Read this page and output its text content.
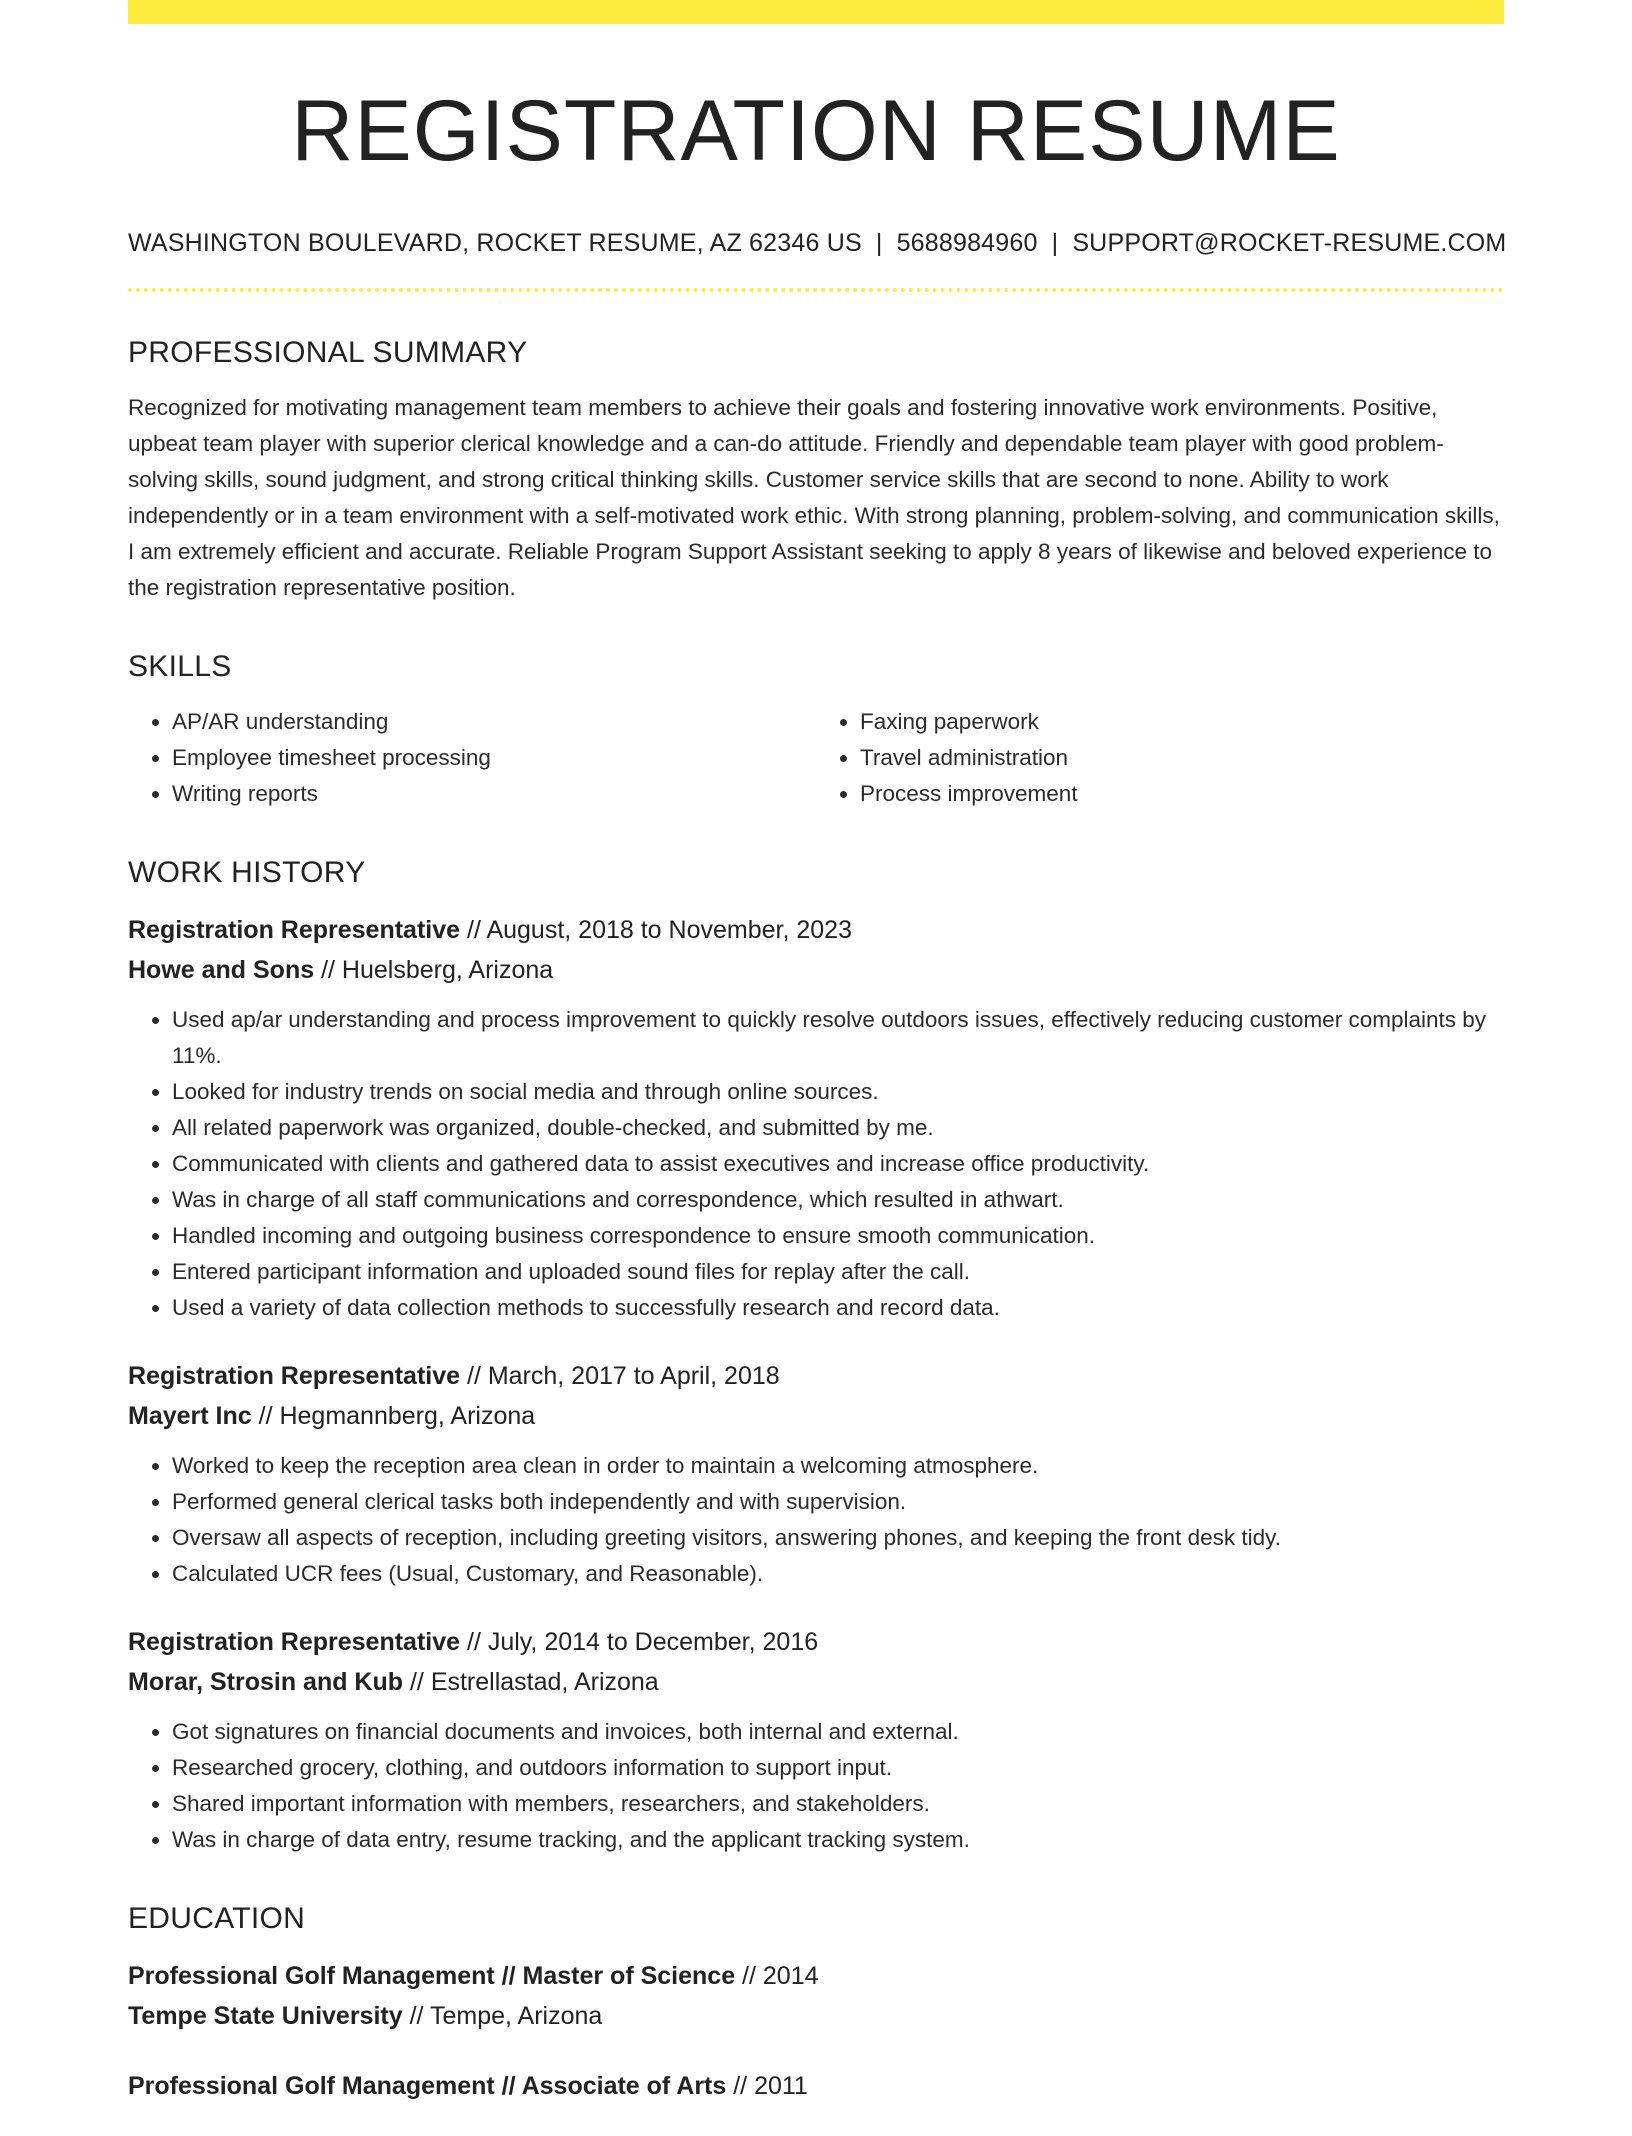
REGISTRATION RESUME
WASHINGTON BOULEVARD, ROCKET RESUME, AZ 62346 US | 5688984960 | SUPPORT@ROCKET-RESUME.COM
PROFESSIONAL SUMMARY

Recognized for motivating management team members to achieve their goals and fostering innovative work environments. Positive, upbeat team player with superior clerical knowledge and a can-do attitude. Friendly and dependable team player with good problem-solving skills, sound judgment, and strong critical thinking skills. Customer service skills that are second to none. Ability to work independently or in a team environment with a self-motivated work ethic. With strong planning, problem-solving, and communication skills, I am extremely efficient and accurate. Reliable Program Support Assistant seeking to apply 8 years of likewise and beloved experience to the registration representative position.

SKILLS
• AP/AR understanding
• Employee timesheet processing
• Writing reports
• Faxing paperwork
• Travel administration
• Process improvement
WORK HISTORY
Registration Representative // August, 2018 to November, 2023
Howe and Sons // Huelsberg, Arizona
• Used ap/ar understanding and process improvement to quickly resolve outdoors issues, effectively reducing customer complaints by 11%.
• Looked for industry trends on social media and through online sources.
• All related paperwork was organized, double-checked, and submitted by me.
• Communicated with clients and gathered data to assist executives and increase office productivity.
• Was in charge of all staff communications and correspondence, which resulted in athwart.
• Handled incoming and outgoing business correspondence to ensure smooth communication.
• Entered participant information and uploaded sound files for replay after the call.
• Used a variety of data collection methods to successfully research and record data.
Registration Representative // March, 2017 to April, 2018
Mayert Inc // Hegmannberg, Arizona
• Worked to keep the reception area clean in order to maintain a welcoming atmosphere.
• Performed general clerical tasks both independently and with supervision.
• Oversaw all aspects of reception, including greeting visitors, answering phones, and keeping the front desk tidy.
• Calculated UCR fees (Usual, Customary, and Reasonable).
Registration Representative // July, 2014 to December, 2016
Morar, Strosin and Kub // Estrellastad, Arizona
• Got signatures on financial documents and invoices, both internal and external.
• Researched grocery, clothing, and outdoors information to support input.
• Shared important information with members, researchers, and stakeholders.
• Was in charge of data entry, resume tracking, and the applicant tracking system.
EDUCATION
Professional Golf Management // Master of Science // 2014
Tempe State University // Tempe, Arizona
Professional Golf Management // Associate of Arts // 2011
